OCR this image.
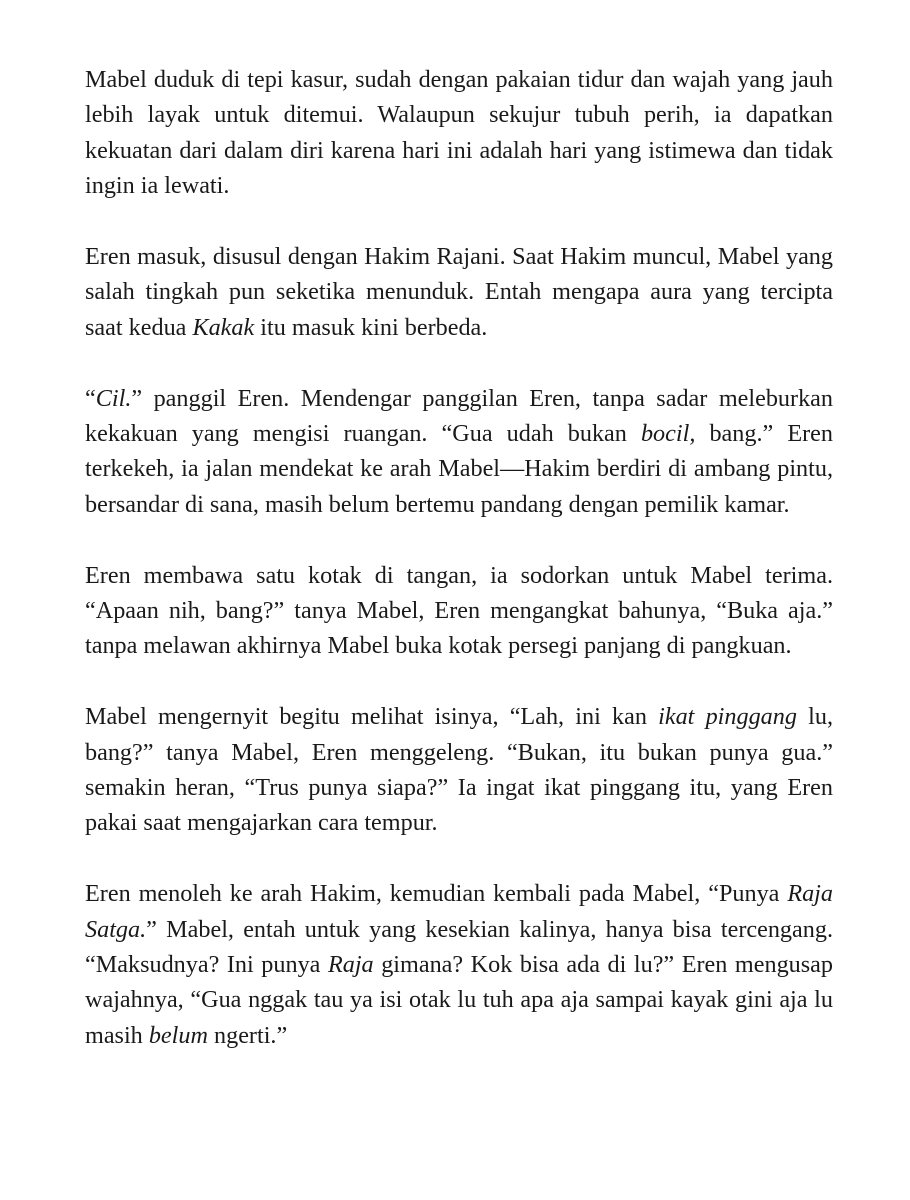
Mabel duduk di tepi kasur, sudah dengan pakaian tidur dan wajah yang jauh lebih layak untuk ditemui. Walaupun sekujur tubuh perih, ia dapatkan kekuatan dari dalam diri karena hari ini adalah hari yang istimewa dan tidak ingin ia lewati.

Eren masuk, disusul dengan Hakim Rajani. Saat Hakim muncul, Mabel yang salah tingkah pun seketika menunduk. Entah mengapa aura yang tercipta saat kedua Kakak itu masuk kini berbeda.

“Cil.” panggil Eren. Mendengar panggilan Eren, tanpa sadar meleburkan kekakuan yang mengisi ruangan. “Gua udah bukan bocil, bang.” Eren terkekeh, ia jalan mendekat ke arah Mabel—Hakim berdiri di ambang pintu, bersandar di sana, masih belum bertemu pandang dengan pemilik kamar.

Eren membawa satu kotak di tangan, ia sodorkan untuk Mabel terima. “Apaan nih, bang?” tanya Mabel, Eren mengangkat bahunya, “Buka aja.” tanpa melawan akhirnya Mabel buka kotak persegi panjang di pangkuan.

Mabel mengernyit begitu melihat isinya, “Lah, ini kan ikat pinggang lu, bang?” tanya Mabel, Eren menggeleng. “Bukan, itu bukan punya gua.” semakin heran, “Trus punya siapa?” Ia ingat ikat pinggang itu, yang Eren pakai saat mengajarkan cara tempur.

Eren menoleh ke arah Hakim, kemudian kembali pada Mabel, “Punya Raja Satga.” Mabel, entah untuk yang kesekian kalinya, hanya bisa tercengang. “Maksudnya? Ini punya Raja gimana? Kok bisa ada di lu?” Eren mengusap wajahnya, “Gua nggak tau ya isi otak lu tuh apa aja sampai kayak gini aja lu masih belum ngerti.”
